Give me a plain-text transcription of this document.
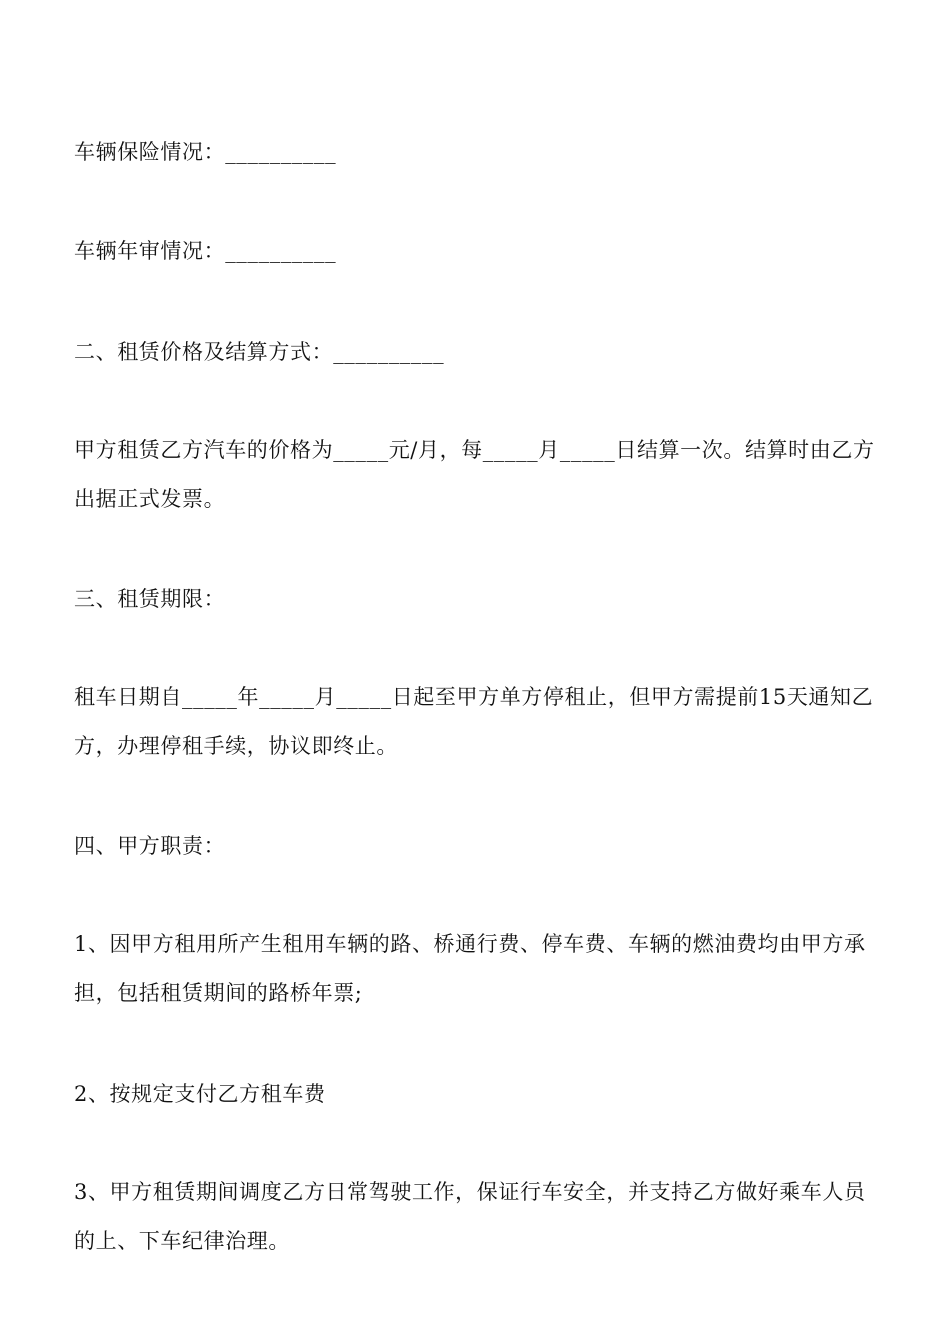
车辆保险情况：__________

车辆年审情况：__________

二、租赁价格及结算方式：__________

甲方租赁乙方汽车的价格为_____元/月，每_____月_____日结算一次。结算时由乙方出据正式发票。

三、租赁期限：

租车日期自_____年_____月_____日起至甲方单方停租止，但甲方需提前15天通知乙方，办理停租手续，协议即终止。

四、甲方职责：

1、因甲方租用所产生租用车辆的路、桥通行费、停车费、车辆的燃油费均由甲方承担，包括租赁期间的路桥年票;

2、按规定支付乙方租车费

3、甲方租赁期间调度乙方日常驾驶工作，保证行车安全，并支持乙方做好乘车人员的上、下车纪律治理。
